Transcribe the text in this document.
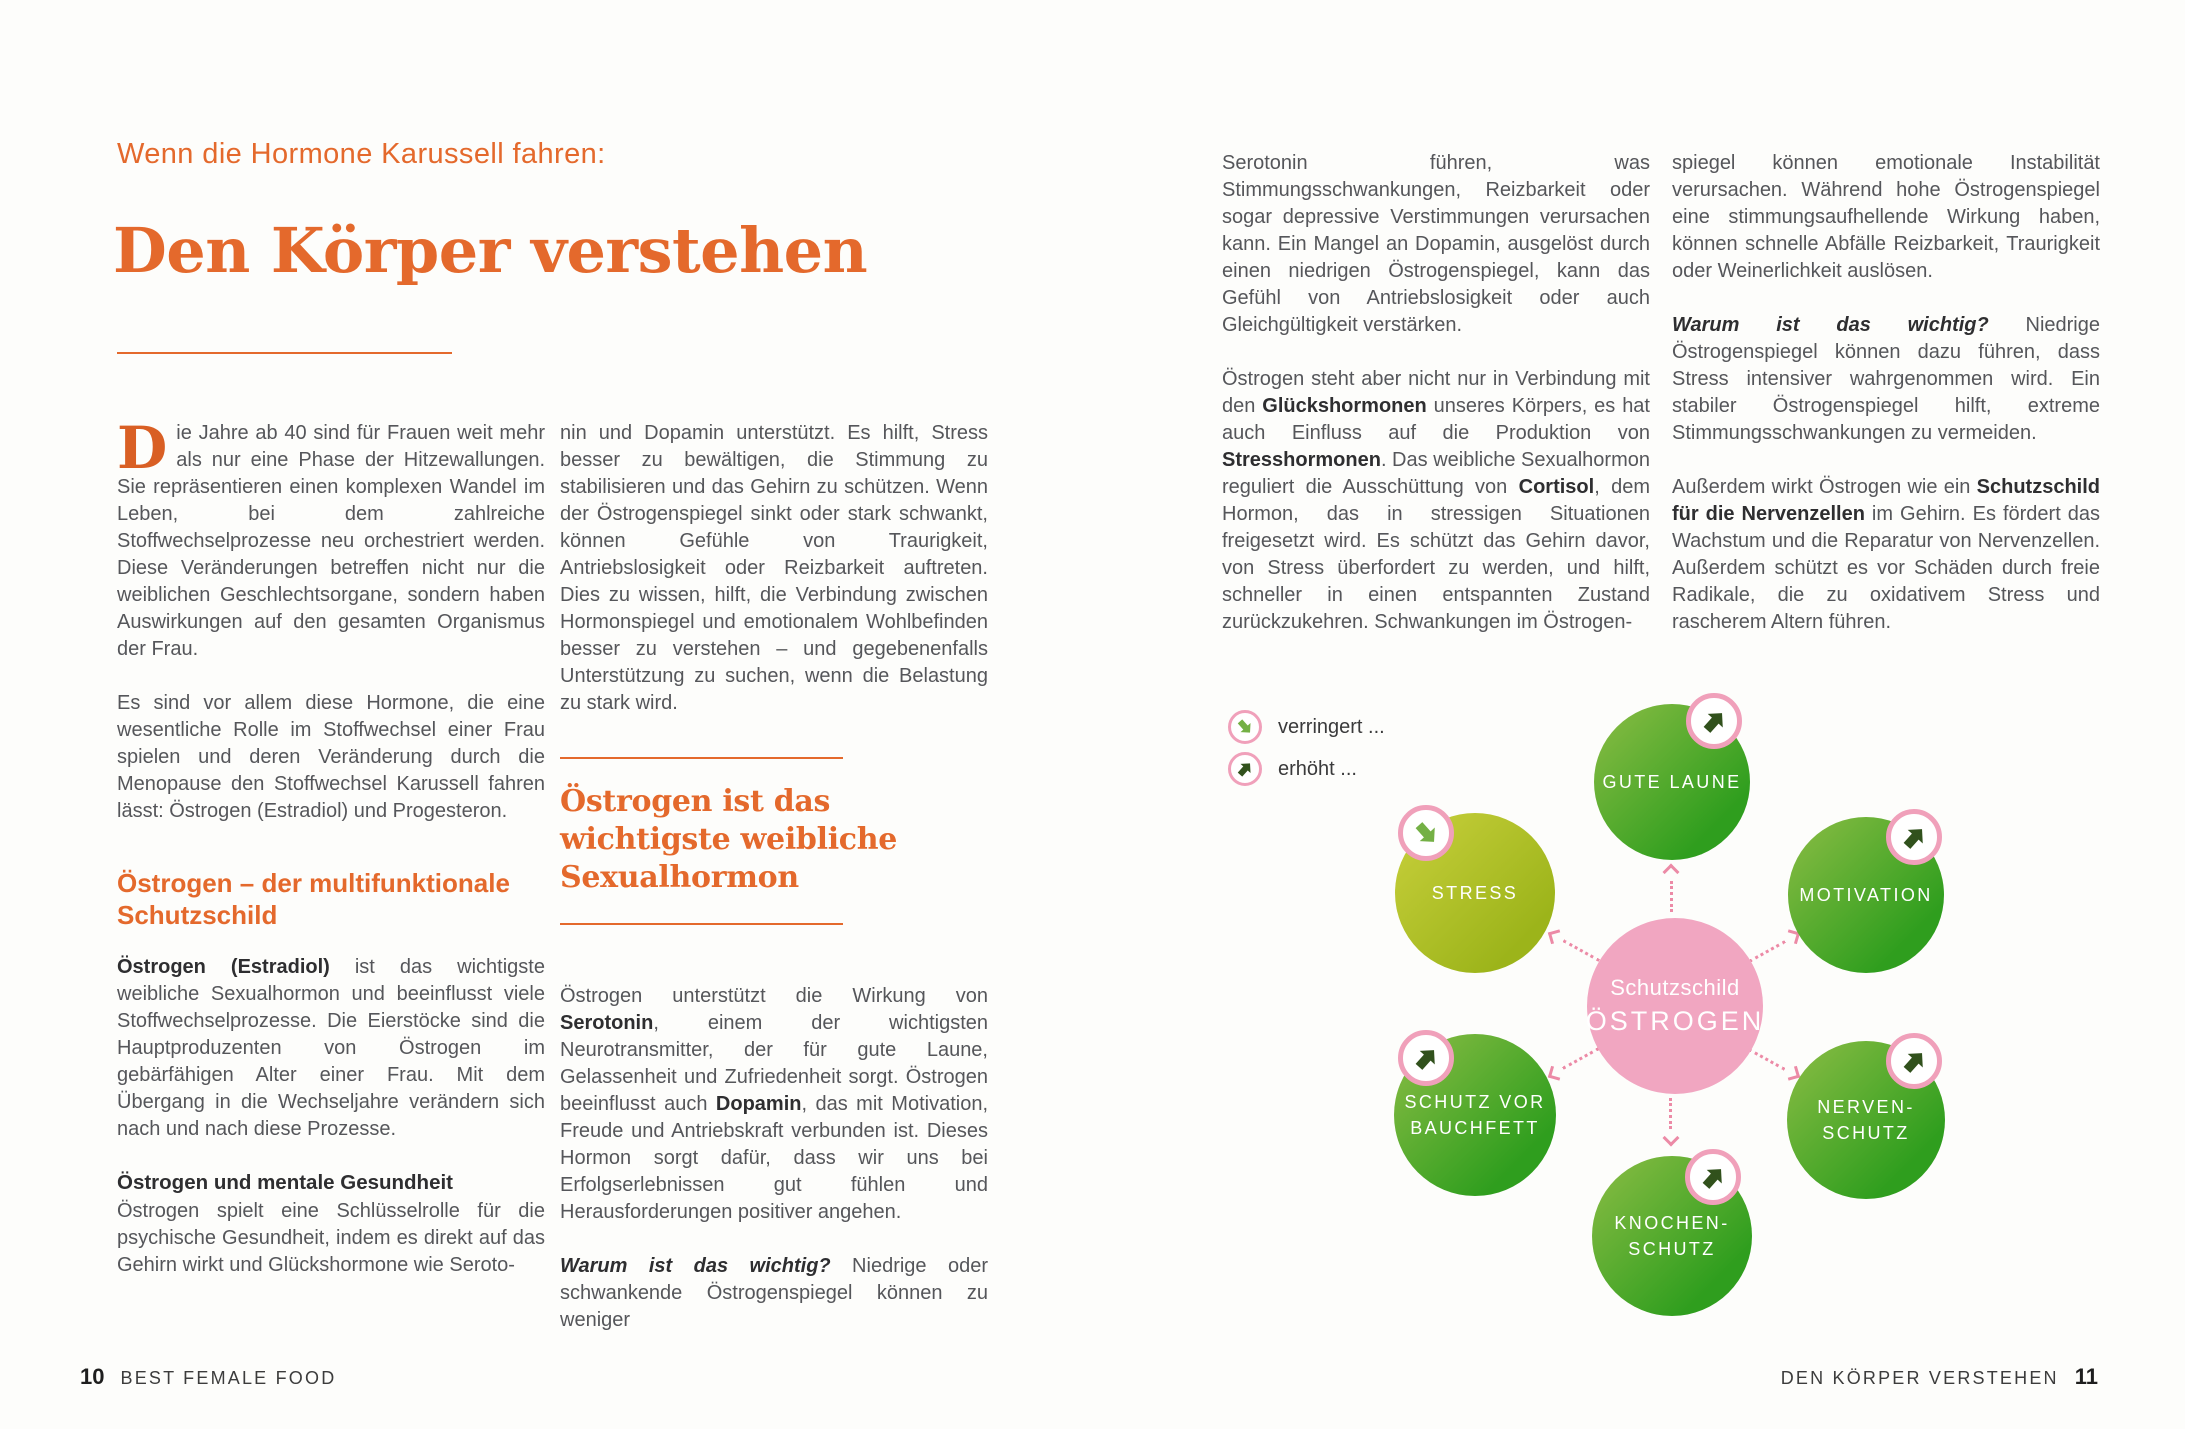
Wenn die Hormone Karussell fahren:
Den Körper verstehen

Die Jahre ab 40 sind für Frauen weit mehr als nur eine Phase der Hitzewallungen. Sie repräsentieren einen komplexen Wandel im Leben, bei dem zahlreiche Stoffwechselprozesse neu orchestriert werden. Diese Veränderungen betreffen nicht nur die weiblichen Geschlechtsorgane, sondern haben Auswirkungen auf den gesamten Organismus der Frau.

Es sind vor allem diese Hormone, die eine wesentliche Rolle im Stoffwechsel einer Frau spielen und deren Veränderung durch die Menopause den Stoffwechsel Karussell fahren lässt: Östrogen (Estradiol) und Progesteron.

Östrogen – der multifunktionale Schutzschild

Östrogen (Estradiol) ist das wichtigste weibliche Sexualhormon und beeinflusst viele Stoffwechselprozesse. Die Eierstöcke sind die Hauptproduzenten von Östrogen im gebärfähigen Alter einer Frau. Mit dem Übergang in die Wechseljahre verändern sich nach und nach diese Prozesse.

Östrogen und mentale Gesundheit

Östrogen spielt eine Schlüsselrolle für die psychische Gesundheit, indem es direkt auf das Gehirn wirkt und Glückshormone wie Seroto-

nin und Dopamin unterstützt. Es hilft, Stress besser zu bewältigen, die Stimmung zu stabilisieren und das Gehirn zu schützen. Wenn der Östrogenspiegel sinkt oder stark schwankt, können Gefühle von Traurigkeit, Antriebslosigkeit oder Reizbarkeit auftreten. Dies zu wissen, hilft, die Verbindung zwischen Hormonspiegel und emotionalem Wohlbefinden besser zu verstehen – und gegebenenfalls Unterstützung zu suchen, wenn die Belastung zu stark wird.

Östrogen ist das wichtigste weibliche Sexualhormon

Östrogen unterstützt die Wirkung von Serotonin, einem der wichtigsten Neurotransmitter, der für gute Laune, Gelassenheit und Zufriedenheit sorgt. Östrogen beeinflusst auch Dopamin, das mit Motivation, Freude und Antriebskraft verbunden ist. Dieses Hormon sorgt dafür, dass wir uns bei Erfolgserlebnissen gut fühlen und Herausforderungen positiver angehen.

Warum ist das wichtig? Niedrige oder schwankende Östrogenspiegel können zu weniger

Serotonin führen, was Stimmungsschwankungen, Reizbarkeit oder sogar depressive Verstimmungen verursachen kann. Ein Mangel an Dopamin, ausgelöst durch einen niedrigen Östrogenspiegel, kann das Gefühl von Antriebslosigkeit oder auch Gleichgültigkeit verstärken.

Östrogen steht aber nicht nur in Verbindung mit den Glückshormonen unseres Körpers, es hat auch Einfluss auf die Produktion von Stresshormonen. Das weibliche Sexualhormon reguliert die Ausschüttung von Cortisol, dem Hormon, das in stressigen Situationen freigesetzt wird. Es schützt das Gehirn davor, von Stress überfordert zu werden, und hilft, schneller in einen entspannten Zustand zurückzukehren. Schwankungen im Östrogen-

spiegel können emotionale Instabilität verursachen. Während hohe Östrogenspiegel eine stimmungsaufhellende Wirkung haben, können schnelle Abfälle Reizbarkeit, Traurigkeit oder Weinerlichkeit auslösen.

Warum ist das wichtig? Niedrige Östrogenspiegel können dazu führen, dass Stress intensiver wahrgenommen wird. Ein stabiler Östrogenspiegel hilft, extreme Stimmungsschwankungen zu vermeiden.

Außerdem wirkt Östrogen wie ein Schutzschild für die Nervenzellen im Gehirn. Es fördert das Wachstum und die Reparatur von Nervenzellen. Außerdem schützt es vor Schäden durch freie Radikale, die zu oxidativem Stress und rascherem Altern führen.

verringert ...
erhöht ...
GUTE LAUNE
MOTIVATION
NERVEN-
SCHUTZ
KNOCHEN-
SCHUTZ
SCHUTZ VOR
BAUCHFETT
STRESS
Schutzschild
ÖSTROGEN
10 BEST FEMALE FOOD	DEN KÖRPER VERSTEHEN 11
